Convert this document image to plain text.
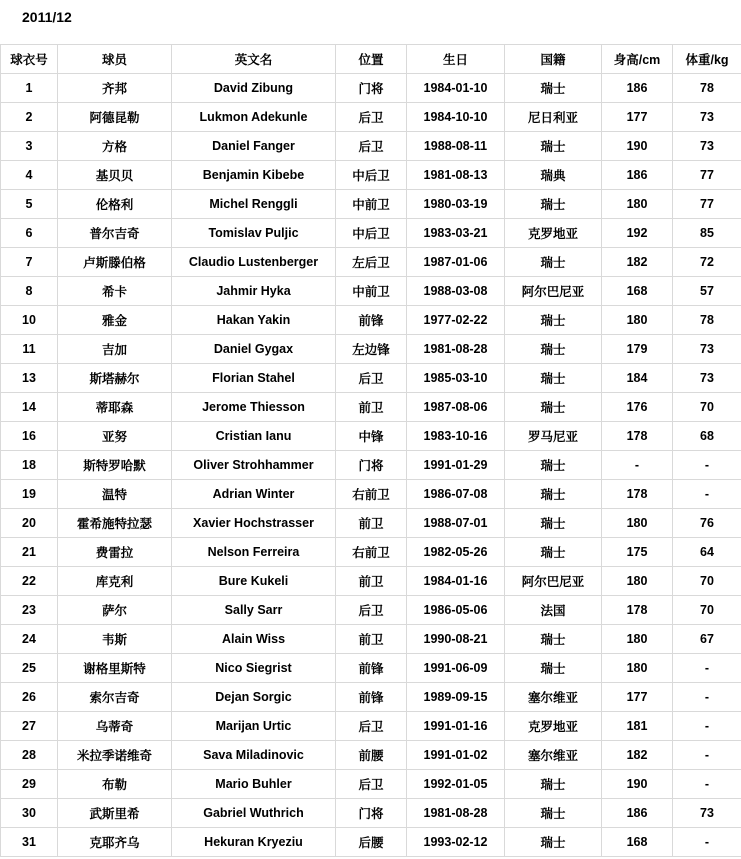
2011/12
球衣号	球员	英文名	位置	生日	国籍	身高/cm	体重/kg
1	齐邦	David Zibung	门将	1984-01-10	瑞士	186	78
2	阿德昆勒	Lukmon Adekunle	后卫	1984-10-10	尼日利亚	177	73
3	方格	Daniel Fanger	后卫	1988-08-11	瑞士	190	73
4	基贝贝	Benjamin Kibebe	中后卫	1981-08-13	瑞典	186	77
5	伦格利	Michel Renggli	中前卫	1980-03-19	瑞士	180	77
6	普尔吉奇	Tomislav Puljic	中后卫	1983-03-21	克罗地亚	192	85
7	卢斯滕伯格	Claudio Lustenberger	左后卫	1987-01-06	瑞士	182	72
8	希卡	Jahmir Hyka	中前卫	1988-03-08	阿尔巴尼亚	168	57
10	雅金	Hakan Yakin	前锋	1977-02-22	瑞士	180	78
11	吉加	Daniel Gygax	左边锋	1981-08-28	瑞士	179	73
13	斯塔赫尔	Florian Stahel	后卫	1985-03-10	瑞士	184	73
14	蒂耶森	Jerome Thiesson	前卫	1987-08-06	瑞士	176	70
16	亚努	Cristian Ianu	中锋	1983-10-16	罗马尼亚	178	68
18	斯特罗哈默	Oliver Strohhammer	门将	1991-01-29	瑞士	-	-
19	温特	Adrian Winter	右前卫	1986-07-08	瑞士	178	-
20	霍希施特拉瑟	Xavier Hochstrasser	前卫	1988-07-01	瑞士	180	76
21	费雷拉	Nelson Ferreira	右前卫	1982-05-26	瑞士	175	64
22	库克利	Bure Kukeli	前卫	1984-01-16	阿尔巴尼亚	180	70
23	萨尔	Sally Sarr	后卫	1986-05-06	法国	178	70
24	韦斯	Alain Wiss	前卫	1990-08-21	瑞士	180	67
25	谢格里斯特	Nico Siegrist	前锋	1991-06-09	瑞士	180	-
26	索尔吉奇	Dejan Sorgic	前锋	1989-09-15	塞尔维亚	177	-
27	乌蒂奇	Marijan Urtic	后卫	1991-01-16	克罗地亚	181	-
28	米拉季诺维奇	Sava Miladinovic	前腰	1991-01-02	塞尔维亚	182	-
29	布勒	Mario Buhler	后卫	1992-01-05	瑞士	190	-
30	武斯里希	Gabriel Wuthrich	门将	1981-08-28	瑞士	186	73
31	克耶齐乌	Hekuran Kryeziu	后腰	1993-02-12	瑞士	168	-
